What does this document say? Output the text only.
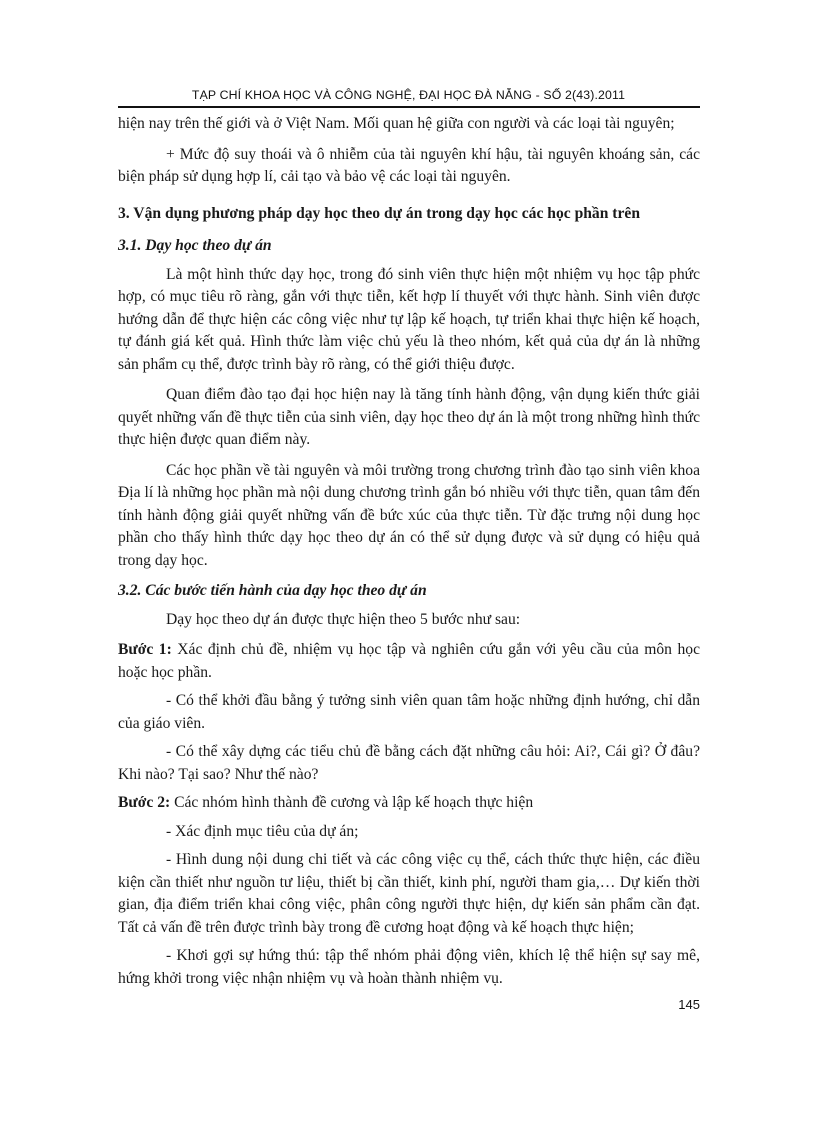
TẠP CHÍ KHOA HỌC VÀ CÔNG NGHỆ, ĐẠI HỌC ĐÀ NẴNG - SỐ 2(43).2011

hiện nay trên thế giới và ở Việt Nam. Mối quan hệ giữa con người và các loại tài nguyên;

+ Mức độ suy thoái và ô nhiễm của tài nguyên khí hậu, tài nguyên khoáng sản, các biện pháp sử dụng hợp lí, cải tạo và bảo vệ các loại tài nguyên.

3. Vận dụng phương pháp dạy học theo dự án trong dạy học các học phần trên

3.1. Dạy học theo dự án

Là một hình thức dạy học, trong đó sinh viên thực hiện một nhiệm vụ học tập phức hợp, có mục tiêu rõ ràng, gắn với thực tiễn, kết hợp lí thuyết với thực hành. Sinh viên được hướng dẫn để thực hiện các công việc như tự lập kế hoạch, tự triển khai thực hiện kế hoạch, tự đánh giá kết quả. Hình thức làm việc chủ yếu là theo nhóm, kết quả của dự án là những sản phẩm cụ thể, được trình bày rõ ràng, có thể giới thiệu được.

Quan điểm đào tạo đại học hiện nay là tăng tính hành động, vận dụng kiến thức giải quyết những vấn đề thực tiễn của sinh viên, dạy học theo dự án là một trong những hình thức thực hiện được quan điểm này.

Các học phần về tài nguyên và môi trường trong chương trình đào tạo sinh viên khoa Địa lí là những học phần mà nội dung chương trình gắn bó nhiều với thực tiễn, quan tâm đến tính hành động giải quyết những vấn đề bức xúc của thực tiễn. Từ đặc trưng nội dung học phần cho thấy hình thức dạy học theo dự án có thể sử dụng được và sử dụng có hiệu quả trong dạy học.

3.2. Các bước tiến hành của dạy học theo dự án

Dạy học theo dự án được thực hiện theo 5 bước như sau:

Bước 1: Xác định chủ đề, nhiệm vụ học tập và nghiên cứu gắn với yêu cầu của môn học hoặc học phần.

- Có thể khởi đầu bằng ý tưởng sinh viên quan tâm hoặc những định hướng, chỉ dẫn của giáo viên.

- Có thể xây dựng các tiểu chủ đề bằng cách đặt những câu hỏi: Ai?, Cái gì? Ở đâu? Khi nào? Tại sao? Như thế nào?

Bước 2: Các nhóm hình thành đề cương và lập kế hoạch thực hiện

- Xác định mục tiêu của dự án;

- Hình dung nội dung chi tiết và các công việc cụ thể, cách thức thực hiện, các điều kiện cần thiết như nguồn tư liệu, thiết bị cần thiết, kinh phí, người tham gia,… Dự kiến thời gian, địa điểm triển khai công việc, phân công người thực hiện, dự kiến sản phẩm cần đạt. Tất cả vấn đề trên được trình bày trong đề cương hoạt động và kế hoạch thực hiện;

- Khơi gợi sự hứng thú: tập thể nhóm phải động viên, khích lệ thể hiện sự say mê, hứng khởi trong việc nhận nhiệm vụ và hoàn thành nhiệm vụ.

145
